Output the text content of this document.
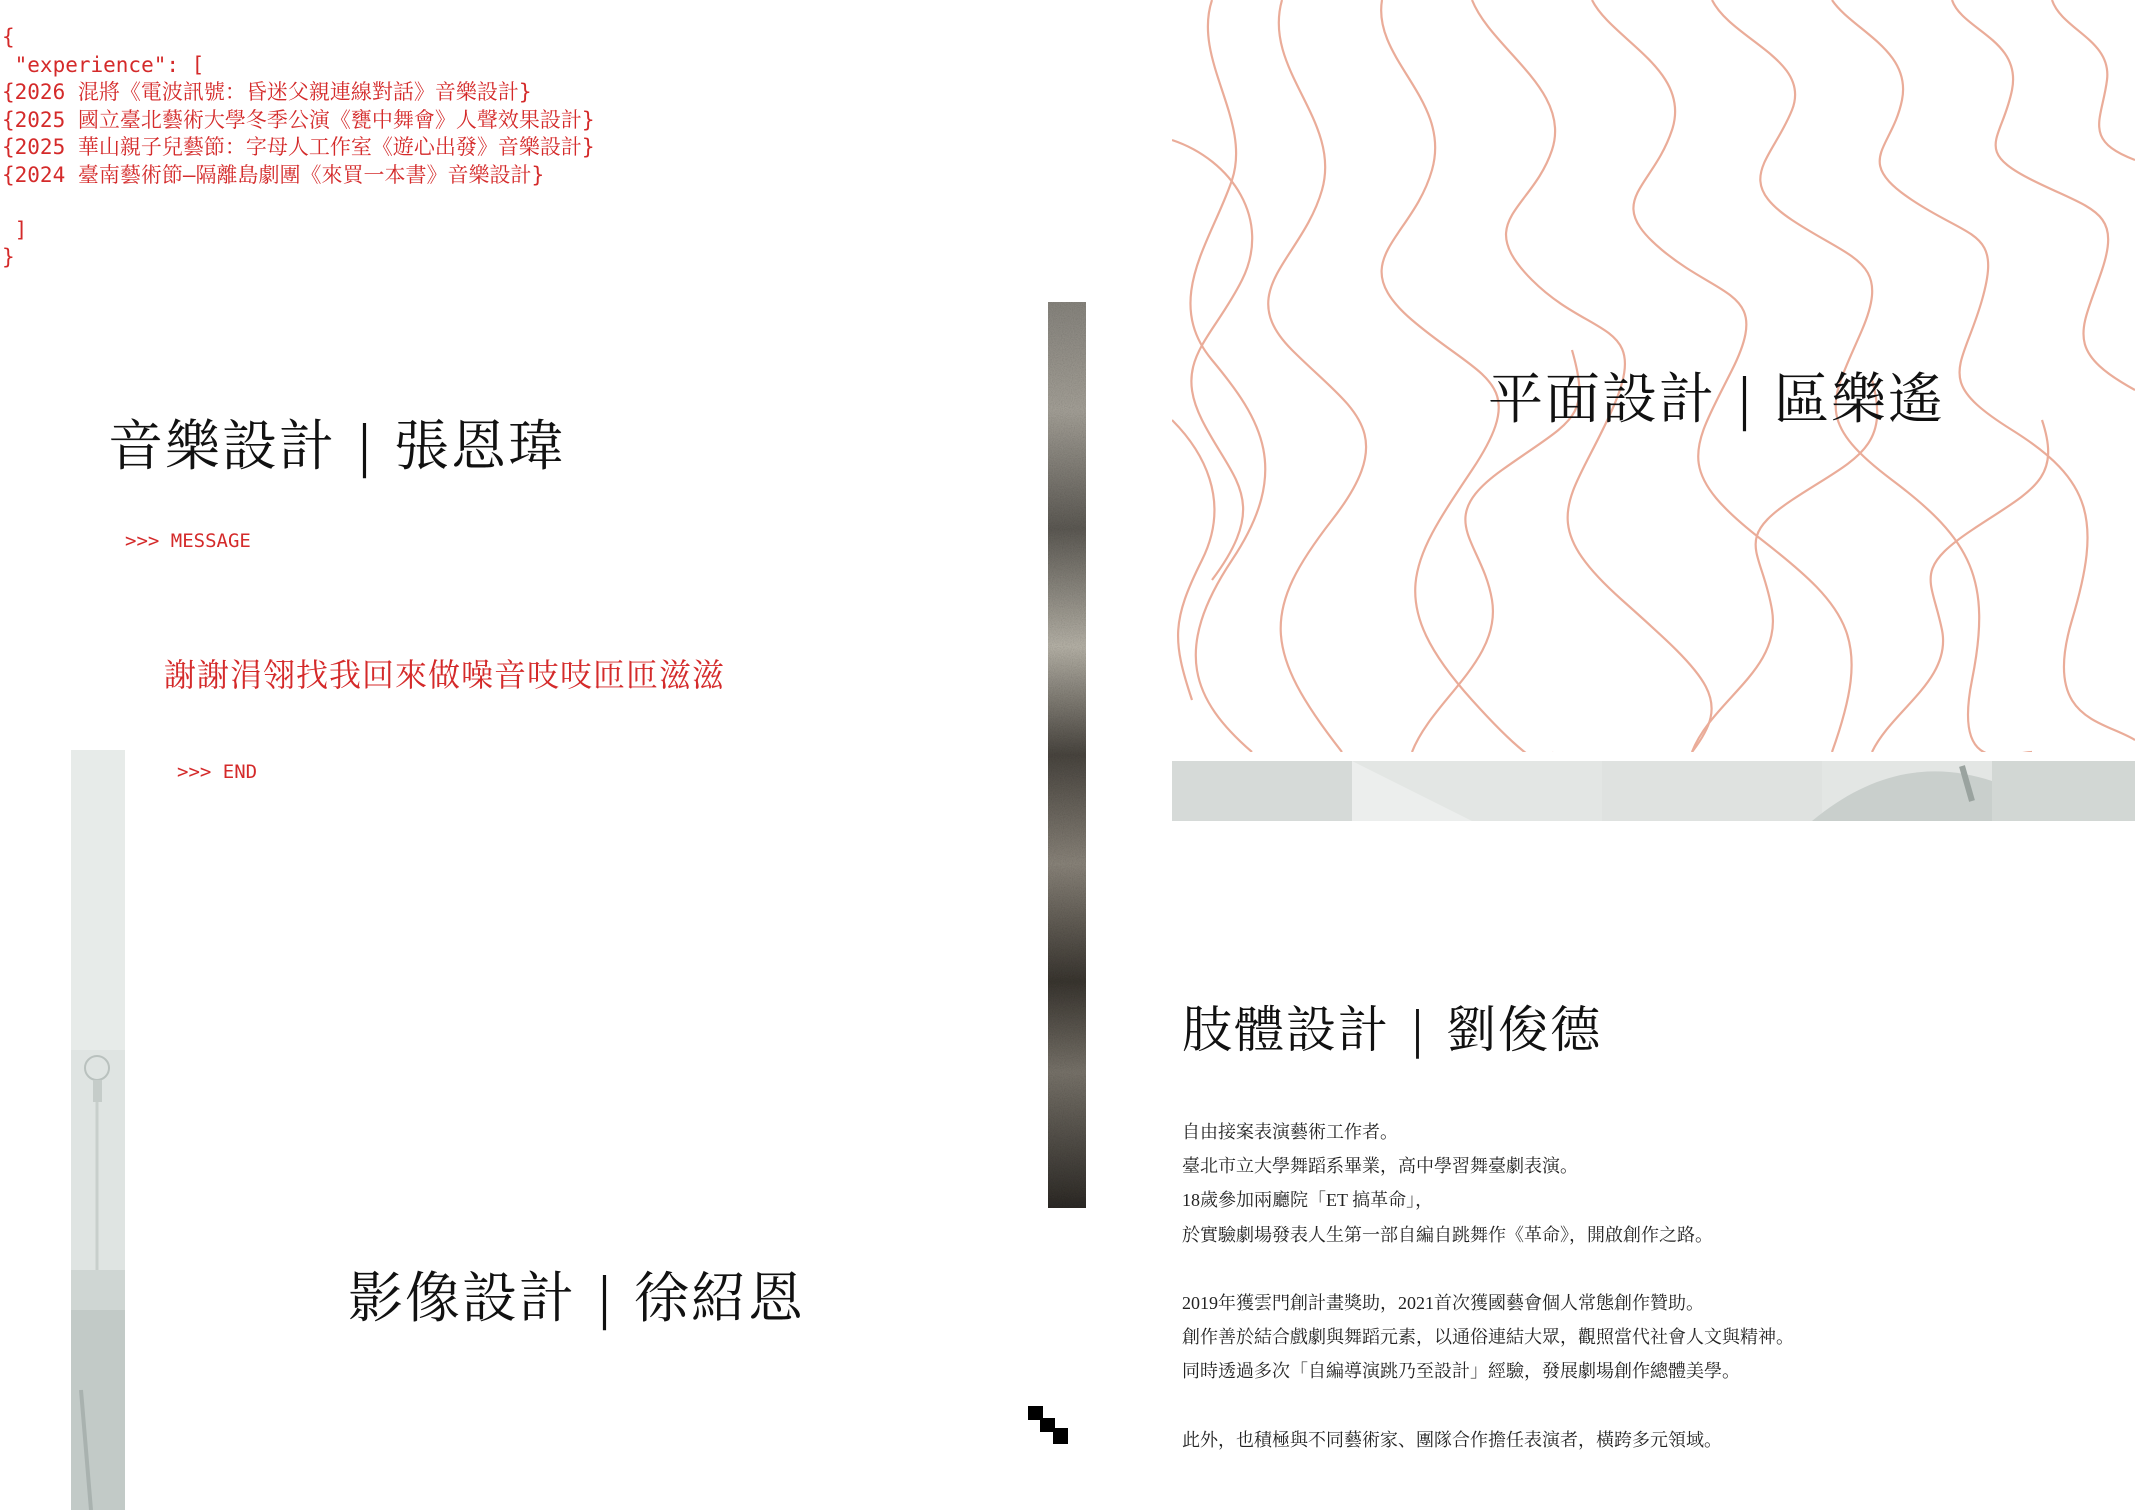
{
"experience": [
{2026 混將《電波訊號：昏迷父親連線對話》音樂設計}
{2025 國立臺北藝術大學冬季公演《甕中舞會》人聲效果設計}
{2025 華山親子兒藝節：字母人工作室《遊心出發》音樂設計}
{2024 臺南藝術節—隔離島劇團《來買一本書》音樂設計}
]
}
音樂設計 | 張恩瑋
平面設計 | 區樂遙
肢體設計 | 劉俊德
影像設計 | 徐紹恩
>>> MESSAGE
謝謝涓翎找我回來做噪音吱吱匝匝滋滋
>>> END

自由接案表演藝術工作者。

臺北市立大學舞蹈系畢業，高中學習舞臺劇表演。

18歲參加兩廳院「ET 搞革命」，

於實驗劇場發表人生第一部自編自跳舞作《革命》，開啟創作之路。

2019年獲雲門創計畫獎助，2021首次獲國藝會個人常態創作贊助。

創作善於結合戲劇與舞蹈元素，以通俗連結大眾，觀照當代社會人文與精神。

同時透過多次「自編導演跳乃至設計」經驗，發展劇場創作總體美學。

此外，也積極與不同藝術家、團隊合作擔任表演者，橫跨多元領域。
